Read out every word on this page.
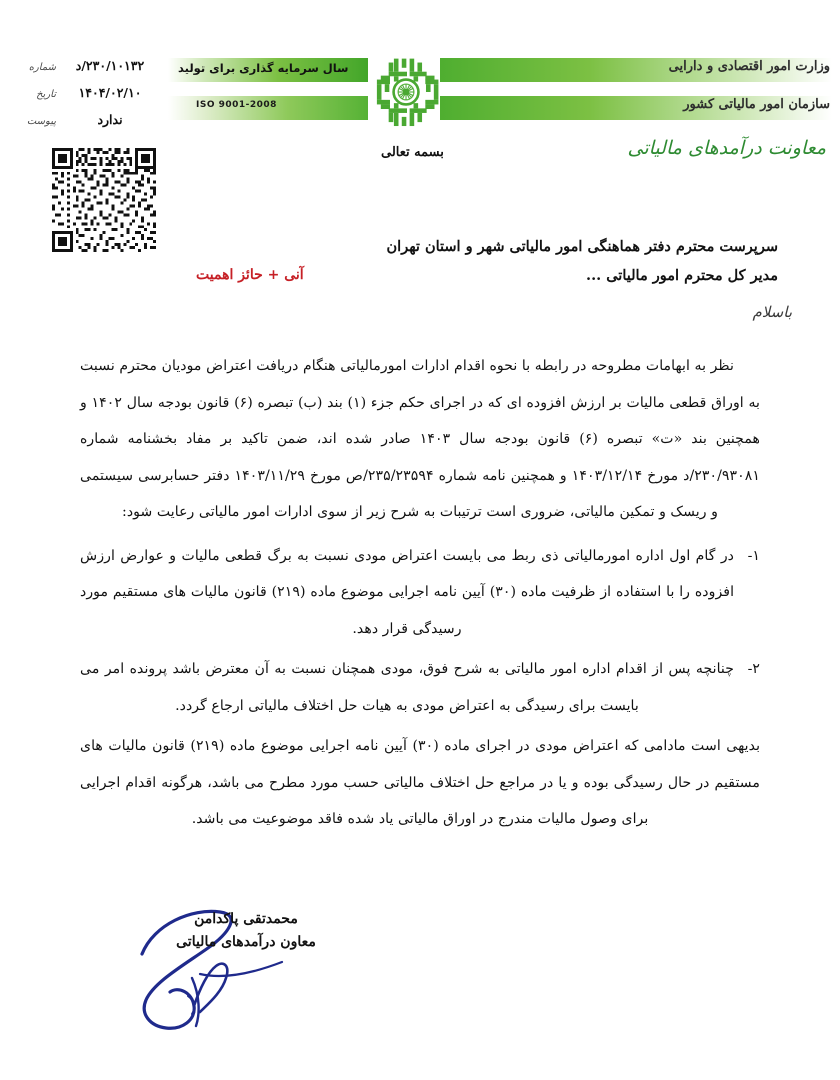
شماره	۲۳۰/۱۰۱۳۲/د
تاریخ	۱۴۰۴/۰۲/۱۰
پیوست	ندارد
وزارت امور اقتصادی و دارایی
سازمان امور مالیاتی کشور
سال سرمایه گذاری برای تولید
ISO 9001-2008
معاونت درآمدهای مالیاتی
بسمه تعالی
سرپرست محترم دفتر هماهنگی امور مالیاتی شهر و استان تهران
مدیر کل محترم امور مالیاتی ...
آنی + حائز اهمیت
باسلام

نظر به ابهامات مطروحه در رابطه با نحوه اقدام ادارات امورمالیاتی هنگام دریافت اعتراض مودیان محترم نسبت به اوراق قطعی مالیات بر ارزش افزوده ای که در اجرای حکم جزء (۱) بند (ب) تبصره (۶) قانون بودجه سال ۱۴۰۲ و همچنین بند «ت» تبصره (۶) قانون بودجه سال ۱۴۰۳ صادر شده اند، ضمن تاکید بر مفاد بخشنامه شماره ۲۳۰/۹۳۰۸۱/د مورخ ۱۴۰۳/۱۲/۱۴ و همچنین نامه شماره ۲۳۵/۲۳۵۹۴/ص مورخ ۱۴۰۳/۱۱/۲۹ دفتر حسابرسی سیستمی و ریسک و تمکین مالیاتی، ضروری است ترتیبات به شرح زیر از سوی ادارات امور مالیاتی رعایت شود:

۱-
در گام اول اداره امورمالیاتی ذی ربط می بایست اعتراض مودی نسبت به برگ قطعی مالیات و عوارض ارزش افزوده را با استفاده از ظرفیت ماده (۳۰) آیین نامه اجرایی موضوع ماده (۲۱۹) قانون مالیات های مستقیم مورد رسیدگی قرار دهد.
۲-
چنانچه پس از اقدام اداره امور مالیاتی به شرح فوق، مودی همچنان نسبت به آن معترض باشد پرونده امر می بایست برای رسیدگی به اعتراض مودی به هیات حل اختلاف مالیاتی ارجاع گردد.

بدیهی است مادامی که اعتراض مودی در اجرای ماده (۳۰) آیین نامه اجرایی موضوع ماده (۲۱۹) قانون مالیات های مستقیم در حال رسیدگی بوده و یا در مراجع حل اختلاف مالیاتی حسب مورد مطرح می باشد، هرگونه اقدام اجرایی برای وصول مالیات مندرج در اوراق مالیاتی یاد شده فاقد موضوعیت می باشد.

محمدتقی پاکدامن
معاون درآمدهای مالیاتی
